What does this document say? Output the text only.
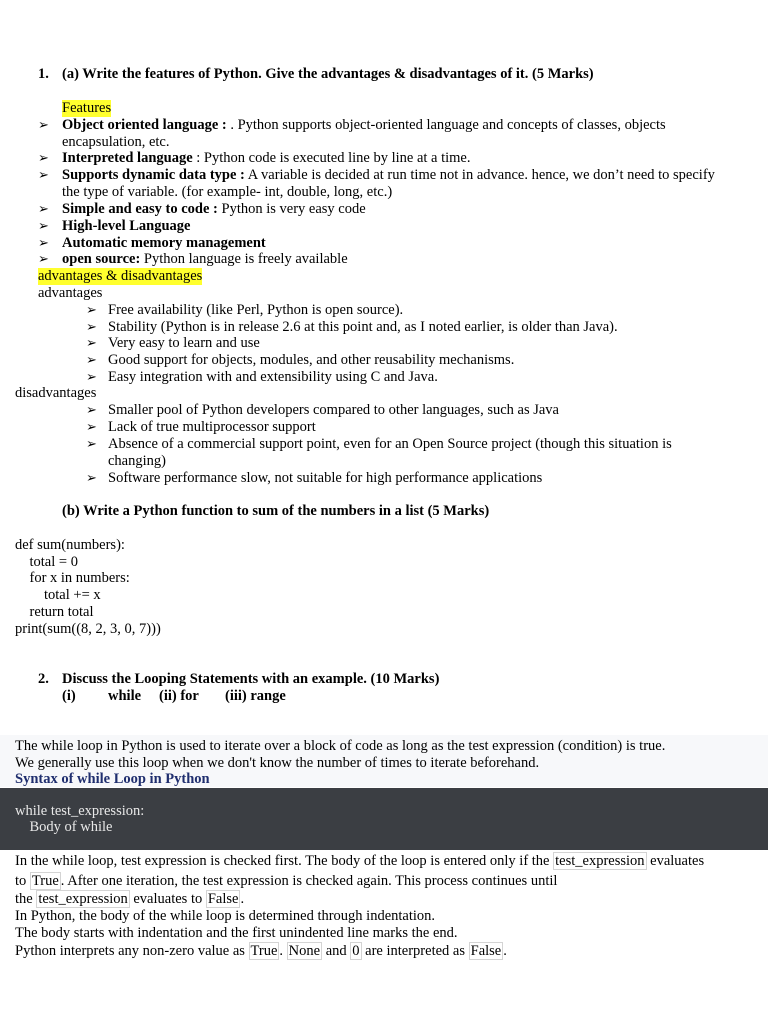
1. (a) Write the features of Python. Give the advantages & disadvantages of it. (5 Marks)
Features
➢ Object oriented language : . Python supports object-oriented language and concepts of classes, objects
encapsulation, etc.
➢ Interpreted language : Python code is executed line by line at a time.
➢ Supports dynamic data type : A variable is decided at run time not in advance. hence, we don’t need to specify
the type of variable. (for example- int, double, long, etc.)
➢ Simple and easy to code : Python is very easy code
➢ High-level Language
➢ Automatic memory management
➢ open source: Python language is freely available
advantages & disadvantages
advantages
➢ Free availability (like Perl, Python is open source).
➢ Stability (Python is in release 2.6 at this point and, as I noted earlier, is older than Java).
➢ Very easy to learn and use
➢ Good support for objects, modules, and other reusability mechanisms.
➢ Easy integration with and extensibility using C and Java.
disadvantages
➢ Smaller pool of Python developers compared to other languages, such as Java
➢ Lack of true multiprocessor support
➢ Absence of a commercial support point, even for an Open Source project (though this situation is
changing)
➢ Software performance slow, not suitable for high performance applications
(b) Write a Python function to sum of the numbers in a list (5 Marks)
def sum(numbers):
total = 0
for x in numbers:
total += x
return total
print(sum((8, 2, 3, 0, 7)))
2. Discuss the Looping Statements with an example. (10 Marks)
(i) while (ii) for (iii) range
The while loop in Python is used to iterate over a block of code as long as the test expression (condition) is true.
We generally use this loop when we don't know the number of times to iterate beforehand.
Syntax of while Loop in Python
while test_expression:
Body of while
In the while loop, test expression is checked first. The body of the loop is entered only if the test_expression evaluates
to True . After one iteration, the test expression is checked again. This process continues until
the test_expression evaluates to False .
In Python, the body of the while loop is determined through indentation.
The body starts with indentation and the first unindented line marks the end.
Python interprets any non-zero value as True . None and 0 are interpreted as False .
